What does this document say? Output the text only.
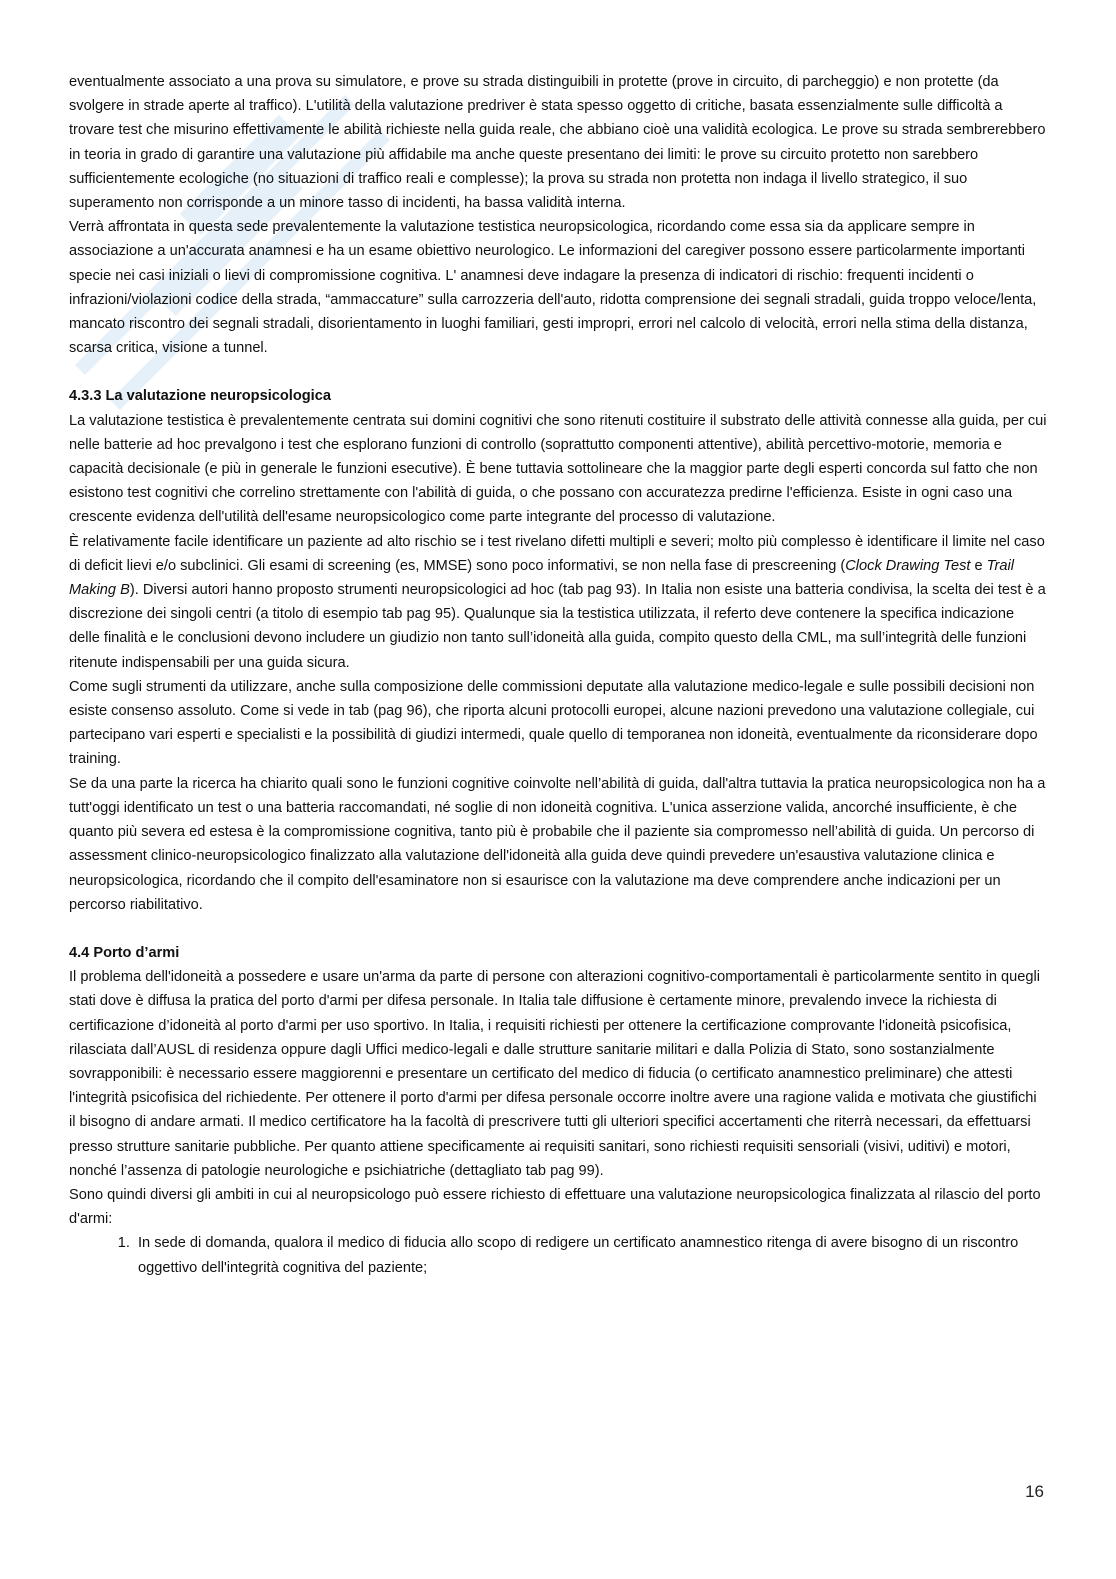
eventualmente associato a una prova su simulatore, e prove su strada distinguibili in protette (prove in circuito, di parcheggio) e non protette (da svolgere in strade aperte al traffico). L'utilità della valutazione predriver è stata spesso oggetto di critiche, basata essenzialmente sulle difficoltà a trovare test che misurino effettivamente le abilità richieste nella guida reale, che abbiano cioè una validità ecologica. Le prove su strada sembrerebbero in teoria in grado di garantire una valutazione più affidabile ma anche queste presentano dei limiti: le prove su circuito protetto non sarebbero sufficientemente ecologiche (no situazioni di traffico reali e complesse); la prova su strada non protetta non indaga il livello strategico, il suo superamento non corrisponde a un minore tasso di incidenti, ha bassa validità interna.

Verrà affrontata in questa sede prevalentemente la valutazione testistica neuropsicologica, ricordando come essa sia da applicare sempre in associazione a un'accurata anamnesi e ha un esame obiettivo neurologico. Le informazioni del caregiver possono essere particolarmente importanti specie nei casi iniziali o lievi di compromissione cognitiva. L' anamnesi deve indagare la presenza di indicatori di rischio: frequenti incidenti o infrazioni/violazioni codice della strada, “ammaccature” sulla carrozzeria dell'auto, ridotta comprensione dei segnali stradali, guida troppo veloce/lenta, mancato riscontro dei segnali stradali, disorientamento in luoghi familiari, gesti impropri, errori nel calcolo di velocità, errori nella stima della distanza, scarsa critica, visione a tunnel.

4.3.3 La valutazione neuropsicologica

La valutazione testistica è prevalentemente centrata sui domini cognitivi che sono ritenuti costituire il substrato delle attività connesse alla guida, per cui nelle batterie ad hoc prevalgono i test che esplorano funzioni di controllo (soprattutto componenti attentive), abilità percettivo-motorie, memoria e capacità decisionale (e più in generale le funzioni esecutive). È bene tuttavia sottolineare che la maggior parte degli esperti concorda sul fatto che non esistono test cognitivi che correlino strettamente con l'abilità di guida, o che possano con accuratezza predirne l'efficienza. Esiste in ogni caso una crescente evidenza dell'utilità dell'esame neuropsicologico come parte integrante del processo di valutazione.

È relativamente facile identificare un paziente ad alto rischio se i test rivelano difetti multipli e severi; molto più complesso è identificare il limite nel caso di deficit lievi e/o subclinici. Gli esami di screening (es, MMSE) sono poco informativi, se non nella fase di prescreening (Clock Drawing Test e Trail Making B). Diversi autori hanno proposto strumenti neuropsicologici ad hoc (tab pag 93). In Italia non esiste una batteria condivisa, la scelta dei test è a discrezione dei singoli centri (a titolo di esempio tab pag 95). Qualunque sia la testistica utilizzata, il referto deve contenere la specifica indicazione delle finalità e le conclusioni devono includere un giudizio non tanto sull’idoneità alla guida, compito questo della CML, ma sull’integrità delle funzioni ritenute indispensabili per una guida sicura.

Come sugli strumenti da utilizzare, anche sulla composizione delle commissioni deputate alla valutazione medico-legale e sulle possibili decisioni non esiste consenso assoluto. Come si vede in tab (pag 96), che riporta alcuni protocolli europei, alcune nazioni prevedono una valutazione collegiale, cui partecipano vari esperti e specialisti e la possibilità di giudizi intermedi, quale quello di temporanea non idoneità, eventualmente da riconsiderare dopo training.

Se da una parte la ricerca ha chiarito quali sono le funzioni cognitive coinvolte nell’abilità di guida, dall'altra tuttavia la pratica neuropsicologica non ha a tutt'oggi identificato un test o una batteria raccomandati, né soglie di non idoneità cognitiva. L'unica asserzione valida, ancorché insufficiente, è che quanto più severa ed estesa è la compromissione cognitiva, tanto più è probabile che il paziente sia compromesso nell’abilità di guida. Un percorso di assessment clinico-neuropsicologico finalizzato alla valutazione dell'idoneità alla guida deve quindi prevedere un'esaustiva valutazione clinica e neuropsicologica, ricordando che il compito dell'esaminatore non si esaurisce con la valutazione ma deve comprendere anche indicazioni per un percorso riabilitativo.

4.4 Porto d’armi

Il problema dell'idoneità a possedere e usare un'arma da parte di persone con alterazioni cognitivo-comportamentali è particolarmente sentito in quegli stati dove è diffusa la pratica del porto d'armi per difesa personale. In Italia tale diffusione è certamente minore, prevalendo invece la richiesta di certificazione d’idoneità al porto d'armi per uso sportivo. In Italia, i requisiti richiesti per ottenere la certificazione comprovante l'idoneità psicofisica, rilasciata dall’AUSL di residenza oppure dagli Uffici medico-legali e dalle strutture sanitarie militari e dalla Polizia di Stato, sono sostanzialmente sovrapponibili: è necessario essere maggiorenni e presentare un certificato del medico di fiducia (o certificato anamnestico preliminare) che attesti l'integrità psicofisica del richiedente. Per ottenere il porto d'armi per difesa personale occorre inoltre avere una ragione valida e motivata che giustifichi il bisogno di andare armati. Il medico certificatore ha la facoltà di prescrivere tutti gli ulteriori specifici accertamenti che riterrà necessari, da effettuarsi presso strutture sanitarie pubbliche. Per quanto attiene specificamente ai requisiti sanitari, sono richiesti requisiti sensoriali (visivi, uditivi) e motori, nonché l’assenza di patologie neurologiche e psichiatriche (dettagliato tab pag 99).

Sono quindi diversi gli ambiti in cui al neuropsicologo può essere richiesto di effettuare una valutazione neuropsicologica finalizzata al rilascio del porto d'armi:

1. In sede di domanda, qualora il medico di fiducia allo scopo di redigere un certificato anamnestico ritenga di avere bisogno di un riscontro oggettivo dell'integrità cognitiva del paziente;
16
